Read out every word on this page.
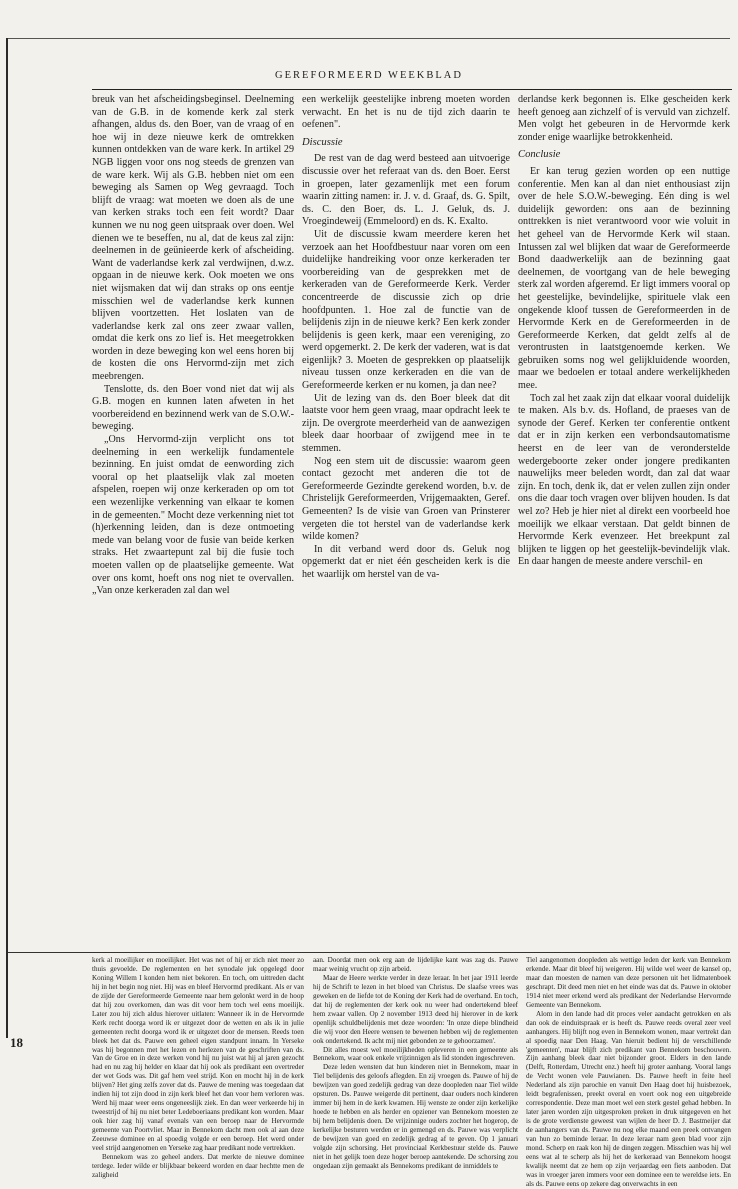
GEREFORMEERD WEEKBLAD

breuk van het afscheidingsbeginsel. Deelneming van de G.B. in de komende kerk zal sterk afhangen, aldus ds. den Boer, van de vraag of en hoe wij in deze nieuwe kerk de omtrekken kunnen ontdekken van de ware kerk. In artikel 29 NGB liggen voor ons nog steeds de grenzen van de ware kerk. Wij als G.B. hebben niet om een beweging als Samen op Weg gevraagd. Toch blijft de vraag: wat moeten we doen als de une van kerken straks toch een feit wordt? Daar kunnen we nu nog geen uitspraak over doen. Wel dienen we te beseffen, nu al, dat de keus zal zijn: deelnemen in de geünieerde kerk of afscheiding. Want de vaderlandse kerk zal verdwijnen, d.w.z. opgaan in de nieuwe kerk. Ook moeten we ons niet wijsmaken dat wij dan straks op ons eentje misschien wel de vaderlandse kerk kunnen blijven voortzetten. Het loslaten van de vaderlandse kerk zal ons zeer zwaar vallen, omdat die kerk ons zo lief is. Het meegetrokken worden in deze beweging kon wel eens horen bij de kosten die ons Hervormd-zijn met zich meebrengen.

Tenslotte, ds. den Boer vond niet dat wij als G.B. mogen en kunnen laten afweten in het voorbereidend en bezinnend werk van de S.O.W.-beweging.

„Ons Hervormd-zijn verplicht ons tot deelneming in een werkelijk fundamentele bezinning. En juist omdat de eenwording zich vooral op het plaatselijk vlak zal moeten afspelen, roepen wij onze kerkeraden op om tot een wezenlijke verkenning van elkaar te komen in de gemeenten." Mocht deze verkenning niet tot (h)erkenning leiden, dan is deze ontmoeting mede van belang voor de fusie van beide kerken straks. Het zwaartepunt zal bij die fusie toch moeten vallen op de plaatselijke gemeente. Wat over ons komt, hoeft ons nog niet te overvallen. „Van onze kerkeraden zal dan wel

een werkelijk geestelijke inbreng moeten worden verwacht. En het is nu de tijd zich daarin te oefenen".

Discussie

De rest van de dag werd besteed aan uitvoerige discussie over het referaat van ds. den Boer. Eerst in groepen, later gezamenlijk met een forum waarin zitting namen: ir. J. v. d. Graaf, ds. G. Spilt, ds. C. den Boer, ds. L. J. Geluk, ds. J. Vroegindeweij (Emmeloord) en ds. K. Exalto.

Uit de discussie kwam meerdere keren het verzoek aan het Hoofdbestuur naar voren om een duidelijke handreiking voor onze kerkeraden ter voorbereiding van de gesprekken met de kerkeraden van de Gereformeerde Kerk. Verder concentreerde de discussie zich op drie hoofdpunten. 1. Hoe zal de functie van de belijdenis zijn in de nieuwe kerk? Een kerk zonder belijdenis is geen kerk, maar een vereniging, zo werd opgemerkt. 2. De kerk der vaderen, wat is dat eigenlijk? 3. Moeten de gesprekken op plaatselijk niveau tussen onze kerkeraden en die van de Gereformeerde kerken er nu komen, ja dan nee?

Uit de lezing van ds. den Boer bleek dat dit laatste voor hem geen vraag, maar opdracht leek te zijn. De overgrote meerderheid van de aanwezigen bleek daar hoorbaar of zwijgend mee in te stemmen.

Nog een stem uit de discussie: waarom geen contact gezocht met anderen die tot de Gereformeerde Gezindte gerekend worden, b.v. de Christelijk Gereformeerden, Vrijgemaakten, Geref. Gemeenten? Is de visie van Groen van Prinsterer vergeten die tot herstel van de vaderlandse kerk wilde komen?

In dit verband werd door ds. Geluk nog opgemerkt dat er niet één gescheiden kerk is die het waarlijk om herstel van de va-

derlandse kerk begonnen is. Elke gescheiden kerk heeft genoeg aan zichzelf of is vervuld van zichzelf. Men volgt het gebeuren in de Hervormde kerk zonder enige waarlijke betrokkenheid.

Conclusie

Er kan terug gezien worden op een nuttige conferentie. Men kan al dan niet enthousiast zijn over de hele S.O.W.-beweging. Eén ding is wel duidelijk geworden: ons aan de bezinning onttrekken is niet verantwoord voor wie voluit in het geheel van de Hervormde Kerk wil staan. Intussen zal wel blijken dat waar de Gereformeerde Bond daadwerkelijk aan de bezinning gaat deelnemen, de voortgang van de hele beweging sterk zal worden afgeremd. Er ligt immers vooral op het geestelijke, bevindelijke, spirituele vlak een ongekende kloof tussen de Gereformeerden in de Hervormde Kerk en de Gereformeerden in de Gereformeerde Kerken, dat geldt zelfs al de verontrusten in laatstgenoemde kerken. We gebruiken soms nog wel gelijkluidende woorden, maar we bedoelen er totaal andere werkelijkheden mee.

Toch zal het zaak zijn dat elkaar vooral duidelijk te maken. Als b.v. ds. Hofland, de praeses van de synode der Geref. Kerken ter conferentie ontkent dat er in zijn kerken een verbondsautomatisme heerst en de leer van de veronderstelde wedergeboorte zeker onder jongere predikanten nauwelijks meer beleden wordt, dan zal dat waar zijn. En toch, denk ik, dat er velen zullen zijn onder ons die daar toch vragen over blijven houden. Is dat wel zo? Heb je hier niet al direkt een voorbeeld hoe moeilijk we elkaar verstaan. Dat geldt binnen de Hervormde Kerk evenzeer. Het breekpunt zal blijken te liggen op het geestelijk-bevindelijk vlak. En daar hangen de meeste andere verschil- en

kerk al moeilijker en moeilijker. Het was net of hij er zich niet meer zo thuis gevoelde. De reglementen en het synodale juk opgelegd door Koning Willem I konden hem niet bekoren. En toch, om uittreden dacht hij in het begin nog niet. Hij was en bleef Hervormd predikant. Als er van de zijde der Gereformeerde Gemeente naar hem gelonkt werd in de hoop dat hij zou overkomen, dan was dit voor hem toch wel eens moeilijk. Later zou hij zich aldus hierover uitlaten: Wanneer ik in de Hervormde Kerk recht doorga word ik er uitgezet door de wetten en als ik in julie gemeenten recht doorga word ik er uitgezet door de mensen. Reeds toen bleek het dat ds. Pauwe een geheel eigen standpunt innam. In Yerseke was hij begonnen met het lezen en herlezen van de geschriften van ds. Van de Groe en in deze werken vond hij nu juist wat hij al jaren gezocht had en nu zag hij helder en klaar dat hij ook als predikant een overtreder der wet Gods was. Dit gaf hem veel strijd. Kon en mocht hij in de kerk blijven? Het ging zelfs zover dat ds. Pauwe de mening was toegedaan dat indien hij tot zijn dood in zijn kerk bleef het dan voor hem verloren was. Werd hij maar weer eens ongeneeslijk ziek. En dan weer verkeerde hij in tweestrijd of hij nu niet beter Ledeboeriaans predikant kon worden. Maar ook hier zag hij vanaf evenals van een beroep naar de Hervormde gemeente van Poortvliet. Maar in Bennekom dacht men ook al aan deze Zeeuwse dominee en al spoedig volgde er een beroep. Het werd onder veel strijd aangenomen en Yerseke zag haar predikant node vertrekken.

Bennekom was zo geheel anders. Dat merkte de nieuwe dominee terdege. Ieder wilde er blijkbaar bekeerd worden en daar hechtte men de zaligheid

aan. Doordat men ook erg aan de lijdelijke kant was zag ds. Pauwe maar weinig vrucht op zijn arbeid.

Maar de Heere werkte verder in deze leraar. In het jaar 1911 leerde hij de Schrift te lezen in het bloed van Christus. De slaafse vrees was geweken en de liefde tot de Koning der Kerk had de overhand. En toch, dat hij de reglementen der kerk ook nu weer had ondertekend bleef hem zwaar vallen. Op 2 november 1913 deed hij hierover in de kerk openlijk schuldbelijdenis met deze woorden: 'In onze diepe blindheid die wij voor den Heere wensen te bewenen hebben wij de reglementen ook ondertekend. Ik acht mij niet gebonden ze te gehoorzamen'.

Dit alles moest wel moeilijkheden opleveren in een gemeente als Bennekom, waar ook enkele vrijzinnigen als lid stonden ingeschreven.

Deze leden wensten dat hun kinderen niet in Bennekom, maar in Tiel belijdenis des geloofs aflegden. En zij vroegen ds. Pauwe of hij de bewijzen van goed zedelijk gedrag van deze doopleden naar Tiel wilde opsturen. Ds. Pauwe weigerde dit pertinent, daar ouders noch kinderen immer bij hem in de kerk kwamen. Hij wenste ze onder zijn kerkelijke hoede te hebben en als herder en opziener van Bennekom moesten ze bij hem belijdenis doen. De vrijzinnige ouders zochter het hogerop, de kerkelijke besturen werden er in gemengd en ds. Pauwe was verplicht de bewijzen van goed en zedelijk gedrag af te geven. Op 1 januari volgde zijn schorsing. Het provinciaal Kerkbestuur stelde ds. Pauwe niet in het gelijk toen deze hoger beroep aantekende. De schorsing zou ongedaan zijn gemaakt als Bennekoms predikant de inmiddels te

Tiel aangenomen doopleden als wettige leden der kerk van Bennekom erkende. Maar dit bleef hij weigeren. Hij wilde wel weer de kansel op, maar dan moesten de namen van deze personen uit het lidmatenboek geschrapt. Dit deed men niet en het einde was dat ds. Pauwe in oktober 1914 niet meer erkend werd als predikant der Nederlandse Hervormde Gemeente van Bennekom.

Alom in den lande had dit proces veler aandacht getrokken en als dan ook de einduitspraak er is heeft ds. Pauwe reeds overal zeer veel aanhangers. Hij blijft nog even in Bennekom wonen, maar vertrekt dan al spoedig naar Den Haag. Van hieruit bedient hij de verschillende 'gemeenten', maar blijft zich predikant van Bennekom beschouwen. Zijn aanhang bleek daar niet bijzonder groot. Elders in den lande (Delft, Rotterdam, Utrecht enz.) heeft hij groter aanhang. Vooral langs de Vecht wonen vele Pauwianen. Ds. Pauwe heeft in feite heel Nederland als zijn parochie en vanuit Den Haag doet hij huisbezoek, leidt begrafenissen, preekt overal en voert ook nog een uitgebreide correspondentie. Deze man moet wel een sterk gestel gehad hebben. In later jaren worden zijn uitgesproken preken in druk uitgegeven en het is de grote verdienste geweest van wijlen de heer D. J. Bastmeijer dat de aanhangers van ds. Pauwe nu nog elke maand een preek ontvangen van hun zo beminde leraar. In deze leraar nam geen blad voor zijn mond. Scherp en raak kon hij de dingen zeggen. Misschien was hij wel eens wat al te scherp als hij het de kerkeraad van Bennekom hoogst kwalijk neemt dat ze hem op zijn verjaardag een fiets aanboden. Dat was in vroeger jaren immers voor een dominee een te wereldse iets. En als ds. Pauwe eens op zekere dag onverwachts in een

18
